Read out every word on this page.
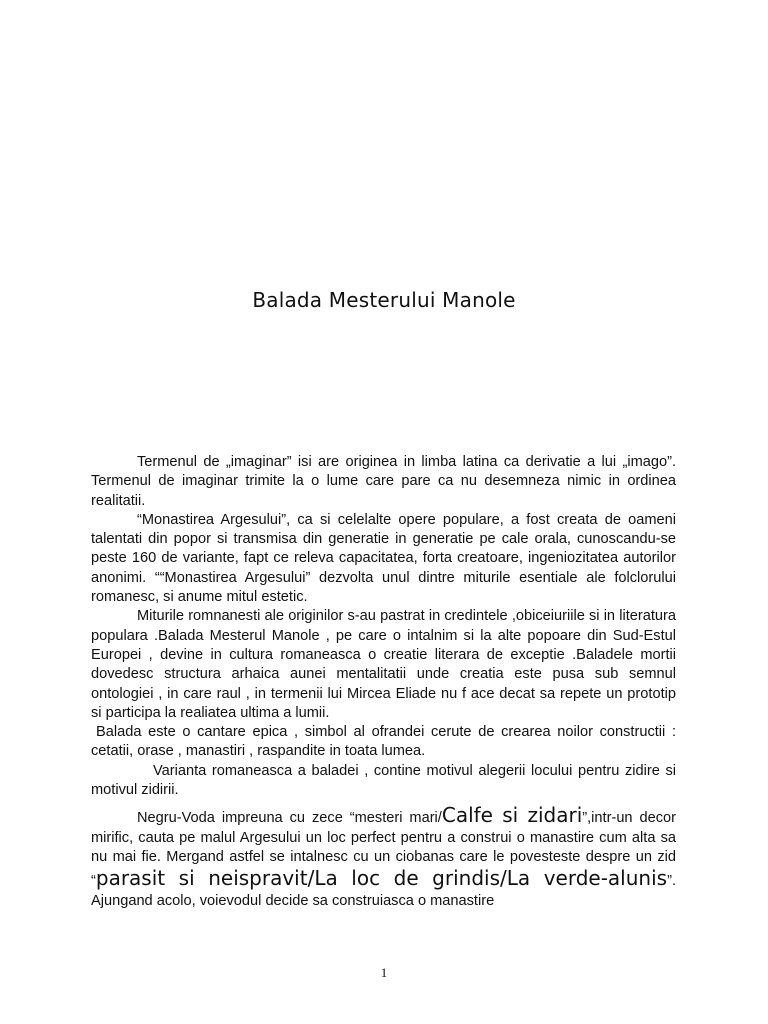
Balada Mesterului Manole

Termenul de „imaginar” isi are originea in limba latina ca derivatie a lui „imago”. Termenul de imaginar trimite la o lume care pare ca nu desemneza nimic in ordinea realitatii.

“Monastirea Argesului”, ca si celelalte opere populare, a fost creata de oameni talentati din popor si transmisa din generatie in generatie pe cale orala, cunoscandu-se peste 160 de variante, fapt ce releva capacitatea, forta creatoare, ingeniozitatea autorilor anonimi. ““Monastirea Argesului” dezvolta unul dintre miturile esentiale ale folclorului romanesc, si anume mitul estetic.

Miturile romnanesti ale originilor s-au pastrat in credintele ,obiceiuriile si in literatura populara .Balada Mesterul Manole , pe care o intalnim si la alte popoare din Sud-Estul Europei , devine in cultura romaneasca o creatie literara de exceptie .Baladele mortii dovedesc structura arhaica aunei mentalitatii unde creatia este pusa sub semnul ontologiei , in care raul , in termenii lui Mircea Eliade nu f ace decat sa repete un prototip si participa la realiatea ultima a lumii.

Balada este o cantare epica , simbol al ofrandei cerute de crearea noilor constructii : cetatii, orase , manastiri , raspandite in toata lumea.

Varianta romaneasca a baladei , contine motivul alegerii locului pentru zidire si motivul zidirii.

Negru-Voda impreuna cu zece “mesteri mari/Calfe si zidari”,intr-un decor mirific, cauta pe malul Argesului un loc perfect pentru a construi o manastire cum alta sa nu mai fie. Mergand astfel se intalnesc cu un ciobanas care le povesteste despre un zid “parasit si neispravit/La loc de grindis/La verde-alunis”. Ajungand acolo, voievodul decide sa construiasca o manastire

1
